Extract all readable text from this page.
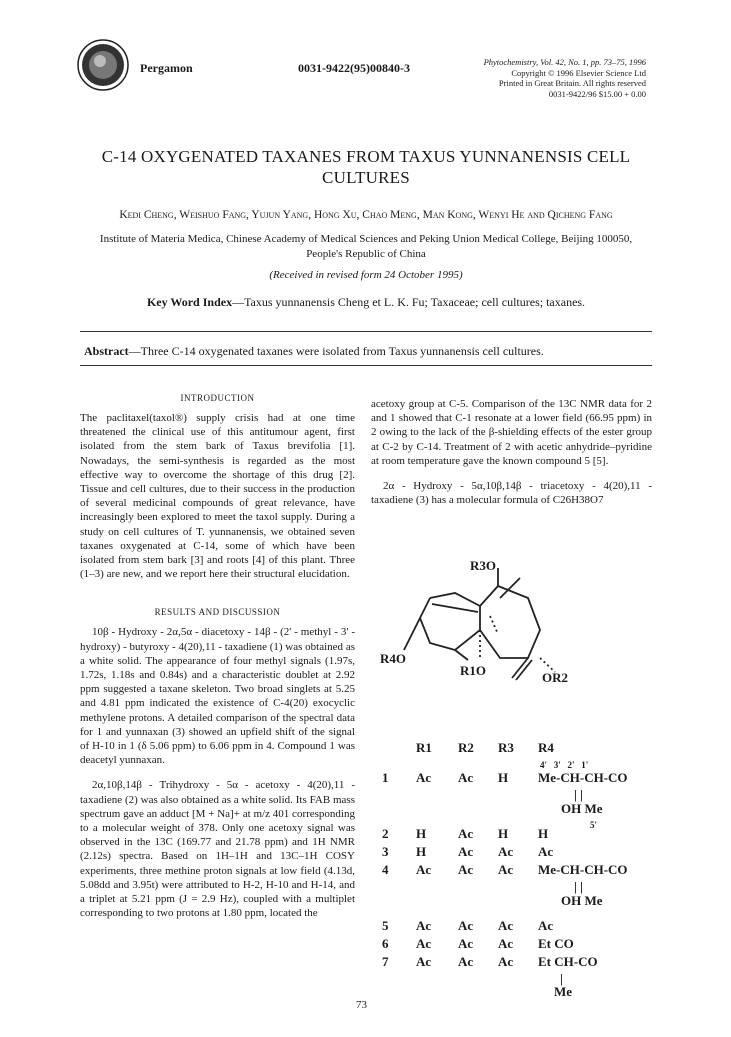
Pergamon	0031-9422(95)00840-3	Phytochemistry, Vol. 42, No. 1, pp. 73–75, 1996
Copyright © 1996 Elsevier Science Ltd
Printed in Great Britain. All rights reserved
0031-9422/96 $15.00 + 0.00
C-14 OXYGENATED TAXANES FROM TAXUS YUNNANENSIS CELL
CULTURES
Kedi Cheng, Weishuo Fang, Yujun Yang, Hong Xu, Chao Meng, Man Kong, Wenyi He and Qicheng Fang
Institute of Materia Medica, Chinese Academy of Medical Sciences and Peking Union Medical College, Beijing 100050,
People's Republic of China
(Received in revised form 24 October 1995)
Key Word Index—Taxus yunnanensis Cheng et L. K. Fu; Taxaceae; cell cultures; taxanes.
Abstract—Three C-14 oxygenated taxanes were isolated from Taxus yunnanensis cell cultures.
INTRODUCTION

The paclitaxel(taxol®) supply crisis had at one time threatened the clinical use of this antitumour agent, first isolated from the stem bark of Taxus brevifolia [1]. Nowadays, the semi-synthesis is regarded as the most effective way to overcome the shortage of this drug [2]. Tissue and cell cultures, due to their success in the production of several medicinal compounds of great relevance, have increasingly been explored to meet the taxol supply. During a study on cell cultures of T. yunnanensis, we obtained seven taxanes oxygenated at C-14, some of which have been isolated from stem bark [3] and roots [4] of this plant. Three (1–3) are new, and we report here their structural elucidation.

RESULTS AND DISCUSSION

10β - Hydroxy - 2α,5α - diacetoxy - 14β - (2' - methyl - 3' - hydroxy) - butyroxy - 4(20),11 - taxadiene (1) was obtained as a white solid. The appearance of four methyl signals (1.97s, 1.72s, 1.18s and 0.84s) and a characteristic doublet at 2.92 ppm suggested a taxane skeleton. Two broad singlets at 5.25 and 4.81 ppm indicated the existence of C-4(20) exocyclic methylene protons. A detailed comparison of the spectral data for 1 and yunnaxan (3) showed an upfield shift of the signal of H-10 in 1 (δ 5.06 ppm) to 6.06 ppm in 4. Compound 1 was deacetyl yunnaxan.

2α,10β,14β - Trihydroxy - 5α - acetoxy - 4(20),11 - taxadiene (2) was also obtained as a white solid. Its FAB mass spectrum gave an adduct [M + Na]+ at m/z 401 corresponding to a molecular weight of 378. Only one acetoxy signal was observed in the 13C (169.77 and 21.78 ppm) and 1H NMR (2.12s) spectra. Based on 1H–1H and 13C–1H COSY experiments, three methine proton signals at low field (4.13d, 5.08dd and 3.95t) were attributed to H-2, H-10 and H-14, and a triplet at 5.21 ppm (J = 2.9 Hz), coupled with a multiplet corresponding to two protons at 1.80 ppm, located the

acetoxy group at C-5. Comparison of the 13C NMR data for 2 and 1 showed that C-1 resonate at a lower field (66.95 ppm) in 2 owing to the lack of the β-shielding effects of the ester group at C-2 by C-14. Treatment of 2 with acetic anhydride–pyridine at room temperature gave the known compound 5 [5].

2α - Hydroxy - 5α,10β,14β - triacetoxy - 4(20),11 - taxadiene (3) has a molecular formula of C26H38O7

R3O
R4O
R1O	OR2
R1 R2 R3 R4
4'   3'   2'   1'
1 Ac Ac H Me-CH-CH-CO
| |
OH Me
2 H Ac H H
5'
3 H Ac Ac Ac
4 Ac Ac Ac Me-CH-CH-CO
| |
OH Me
5 Ac Ac Ac Ac
6 Ac Ac Ac Et CO
7 Ac Ac Ac Et CH-CO
|
Me
73
